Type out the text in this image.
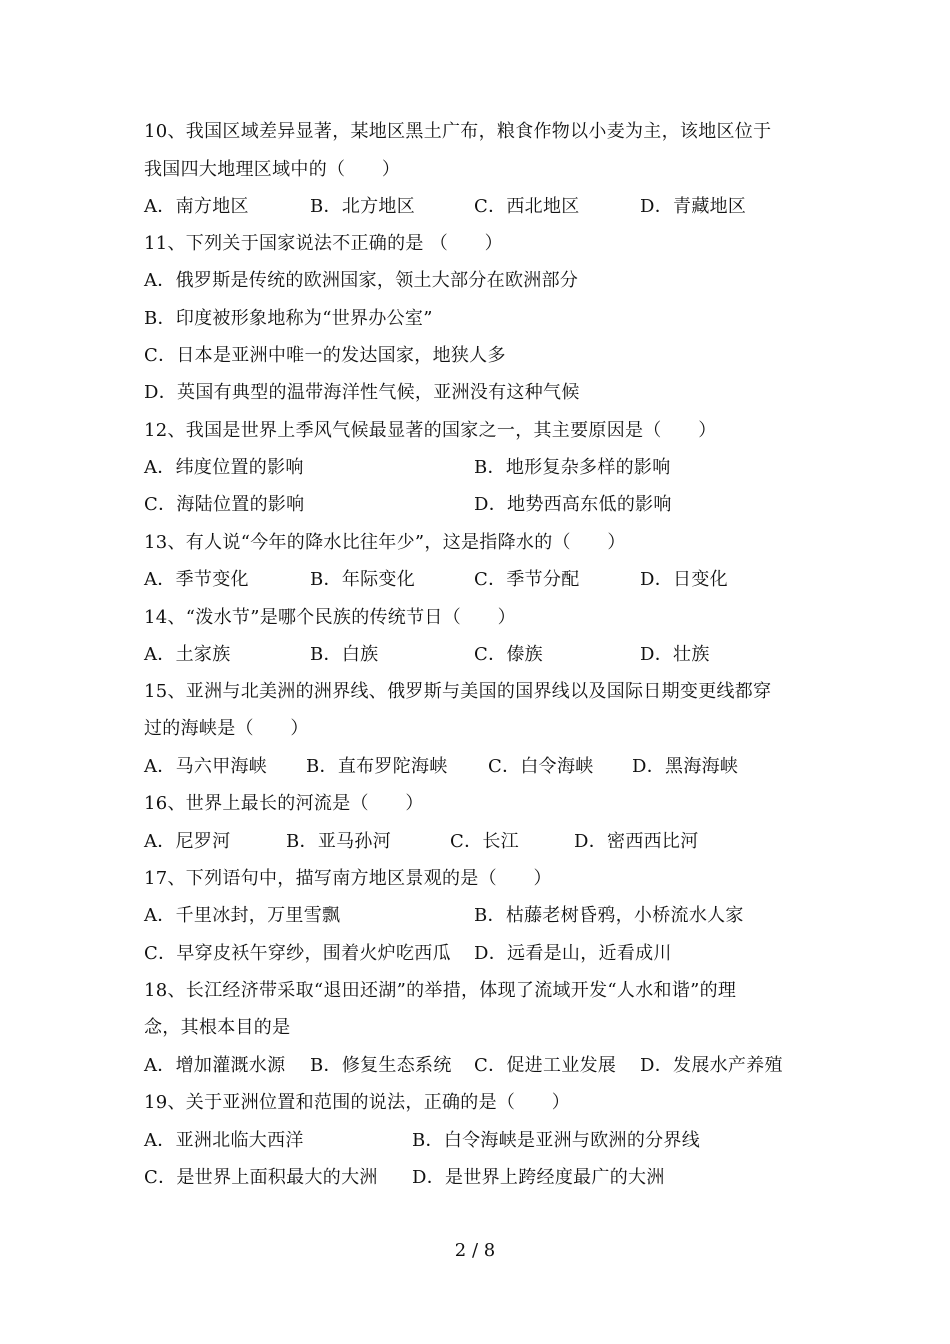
10、我国区域差异显著，某地区黑土广布，粮食作物以小麦为主，该地区位于
我国四大地理区域中的（　　）
A．南方地区	B．北方地区	C．西北地区	D．青藏地区
11、下列关于国家说法不正确的是 （　　）
A．俄罗斯是传统的欧洲国家，领土大部分在欧洲部分
B．印度被形象地称为“世界办公室”
C．日本是亚洲中唯一的发达国家，地狭人多
D．英国有典型的温带海洋性气候，亚洲没有这种气候
12、我国是世界上季风气候最显著的国家之一，其主要原因是（　　）
A．纬度位置的影响	B．地形复杂多样的影响
C．海陆位置的影响	D．地势西高东低的影响
13、有人说“今年的降水比往年少”，这是指降水的（　　）
A．季节变化	B．年际变化	C．季节分配	D．日变化
14、“泼水节”是哪个民族的传统节日（　　）
A．土家族	B．白族	C．傣族	D．壮族
15、亚洲与北美洲的洲界线、俄罗斯与美国的国界线以及国际日期变更线都穿
过的海峡是（　　）
A．马六甲海峡 B．直布罗陀海峡 C．白令海峡 D．黑海海峡
16、世界上最长的河流是（　　）
A．尼罗河	B．亚马孙河	C．长江	D．密西西比河
17、下列语句中，描写南方地区景观的是（　　）
A．千里冰封，万里雪飘	B．枯藤老树昏鸦，小桥流水人家
C．早穿皮袄午穿纱，围着火炉吃西瓜 D．远看是山，近看成川
18、长江经济带采取“退田还湖”的举措，体现了流域开发“人水和谐”的理
念，其根本目的是
A．增加灌溉水源 B．修复生态系统 C．促进工业发展 D．发展水产养殖
19、关于亚洲位置和范围的说法，正确的是（　　）
A．亚洲北临大西洋	B．白令海峡是亚洲与欧洲的分界线
C．是世界上面积最大的大洲 D．是世界上跨经度最广的大洲
2 / 8
